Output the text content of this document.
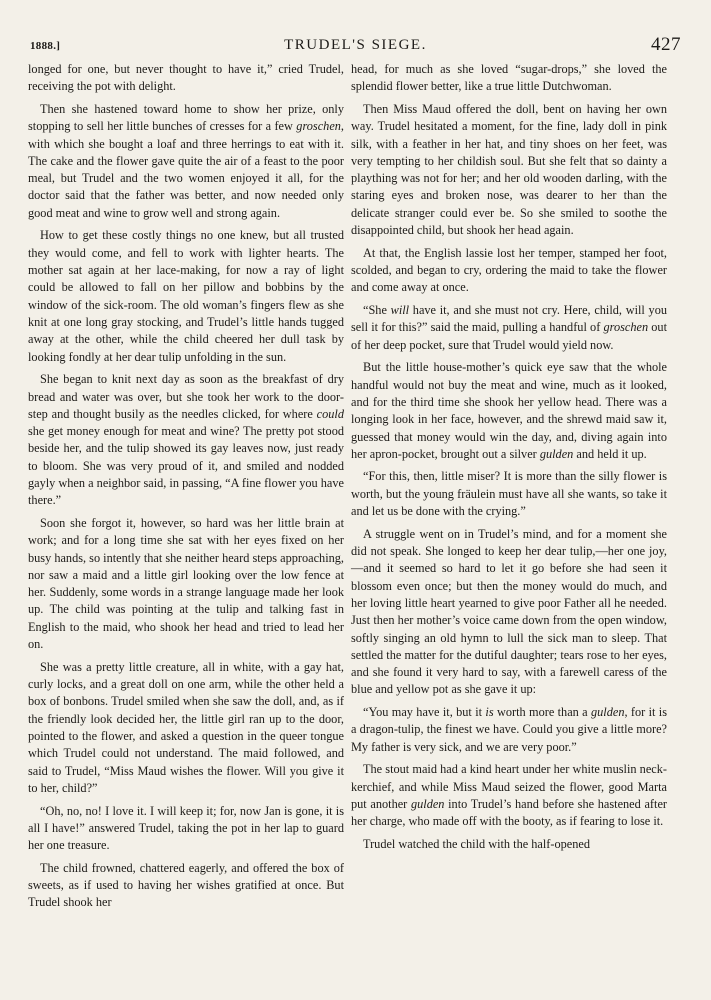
1888.]	TRUDEL'S SIEGE.	427

longed for one, but never thought to have it,” cried Trudel, receiving the pot with delight.

Then she hastened toward home to show her prize, only stopping to sell her little bunches of cresses for a few groschen, with which she bought a loaf and three herrings to eat with it. The cake and the flower gave quite the air of a feast to the poor meal, but Trudel and the two women enjoyed it all, for the doctor said that the father was better, and now needed only good meat and wine to grow well and strong again.

How to get these costly things no one knew, but all trusted they would come, and fell to work with lighter hearts. The mother sat again at her lace-making, for now a ray of light could be allowed to fall on her pillow and bobbins by the window of the sick-room. The old woman’s fingers flew as she knit at one long gray stocking, and Trudel’s little hands tugged away at the other, while the child cheered her dull task by looking fondly at her dear tulip unfolding in the sun.

She began to knit next day as soon as the breakfast of dry bread and water was over, but she took her work to the door-step and thought busily as the needles clicked, for where could she get money enough for meat and wine? The pretty pot stood beside her, and the tulip showed its gay leaves now, just ready to bloom. She was very proud of it, and smiled and nodded gayly when a neighbor said, in passing, “A fine flower you have there.”

Soon she forgot it, however, so hard was her little brain at work; and for a long time she sat with her eyes fixed on her busy hands, so intently that she neither heard steps approaching, nor saw a maid and a little girl looking over the low fence at her. Suddenly, some words in a strange language made her look up. The child was pointing at the tulip and talking fast in English to the maid, who shook her head and tried to lead her on.

She was a pretty little creature, all in white, with a gay hat, curly locks, and a great doll on one arm, while the other held a box of bonbons. Trudel smiled when she saw the doll, and, as if the friendly look decided her, the little girl ran up to the door, pointed to the flower, and asked a question in the queer tongue which Trudel could not understand. The maid followed, and said to Trudel, “Miss Maud wishes the flower. Will you give it to her, child?”

“Oh, no, no! I love it. I will keep it; for, now Jan is gone, it is all I have!” answered Trudel, taking the pot in her lap to guard her one treasure.

The child frowned, chattered eagerly, and offered the box of sweets, as if used to having her wishes gratified at once. But Trudel shook her

head, for much as she loved “sugar-drops,” she loved the splendid flower better, like a true little Dutchwoman.

Then Miss Maud offered the doll, bent on having her own way. Trudel hesitated a moment, for the fine, lady doll in pink silk, with a feather in her hat, and tiny shoes on her feet, was very tempting to her childish soul. But she felt that so dainty a plaything was not for her; and her old wooden darling, with the staring eyes and broken nose, was dearer to her than the delicate stranger could ever be. So she smiled to soothe the disappointed child, but shook her head again.

At that, the English lassie lost her temper, stamped her foot, scolded, and began to cry, ordering the maid to take the flower and come away at once.

“She will have it, and she must not cry. Here, child, will you sell it for this?” said the maid, pulling a handful of groschen out of her deep pocket, sure that Trudel would yield now.

But the little house-mother’s quick eye saw that the whole handful would not buy the meat and wine, much as it looked, and for the third time she shook her yellow head. There was a longing look in her face, however, and the shrewd maid saw it, guessed that money would win the day, and, diving again into her apron-pocket, brought out a silver gulden and held it up.

“For this, then, little miser? It is more than the silly flower is worth, but the young fräulein must have all she wants, so take it and let us be done with the crying.”

A struggle went on in Trudel’s mind, and for a moment she did not speak. She longed to keep her dear tulip,—her one joy,—and it seemed so hard to let it go before she had seen it blossom even once; but then the money would do much, and her loving little heart yearned to give poor Father all he needed. Just then her mother’s voice came down from the open window, softly singing an old hymn to lull the sick man to sleep. That settled the matter for the dutiful daughter; tears rose to her eyes, and she found it very hard to say, with a farewell caress of the blue and yellow pot as she gave it up:

“You may have it, but it is worth more than a gulden, for it is a dragon-tulip, the finest we have. Could you give a little more? My father is very sick, and we are very poor.”

The stout maid had a kind heart under her white muslin neck-kerchief, and while Miss Maud seized the flower, good Marta put another gulden into Trudel’s hand before she hastened after her charge, who made off with the booty, as if fearing to lose it.

Trudel watched the child with the half-opened
